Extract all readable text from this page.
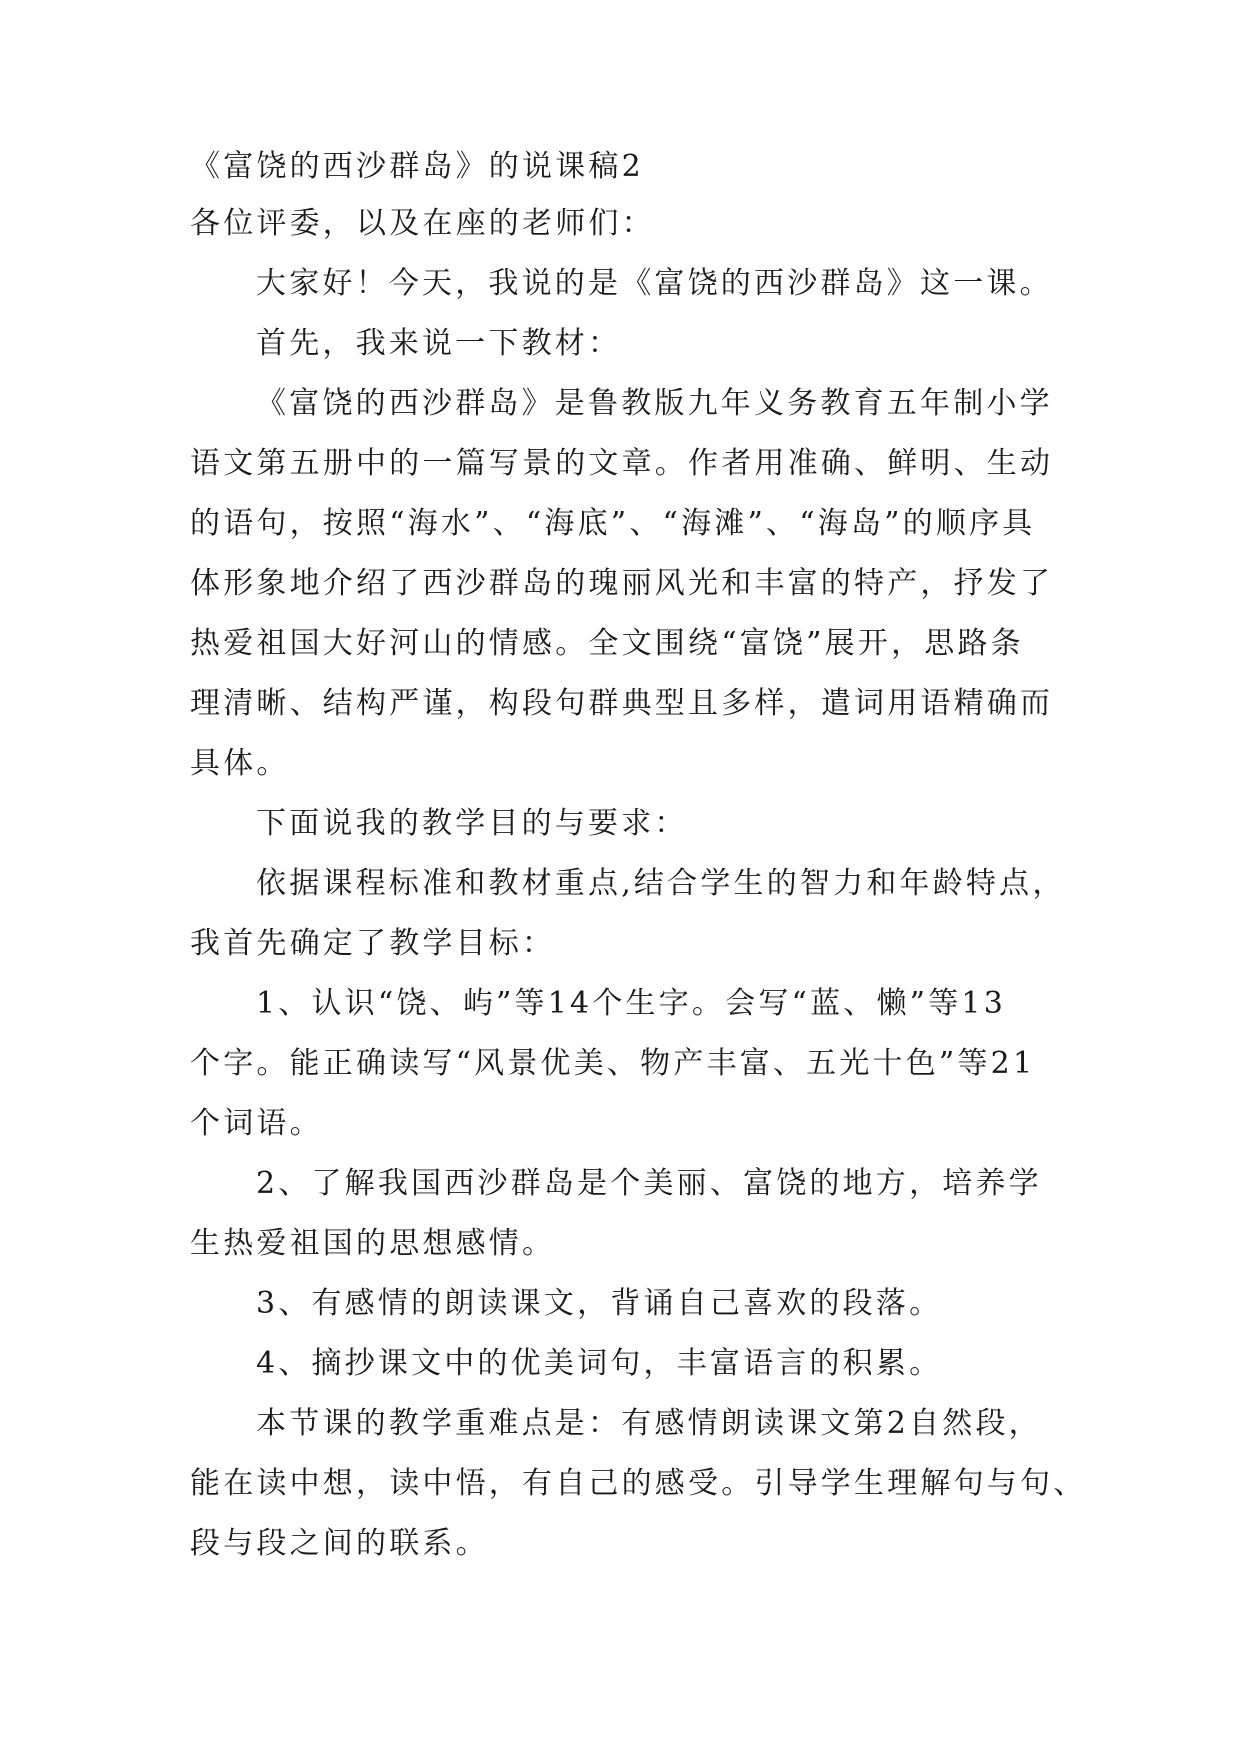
《富饶的西沙群岛》的说课稿2
各位评委，以及在座的老师们：
大家好！今天，我说的是《富饶的西沙群岛》这一课。
首先，我来说一下教材：
《富饶的西沙群岛》是鲁教版九年义务教育五年制小学
语文第五册中的一篇写景的文章。作者用准确、鲜明、生动
的语句，按照“海水”、“海底”、“海滩”、“海岛”的顺序具
体形象地介绍了西沙群岛的瑰丽风光和丰富的特产，抒发了
热爱祖国大好河山的情感。全文围绕“富饶”展开，思路条
理清晰、结构严谨，构段句群典型且多样，遣词用语精确而
具体。
下面说我的教学目的与要求：
依据课程标准和教材重点,结合学生的智力和年龄特点，
我首先确定了教学目标：
1、认识“饶、屿”等14个生字。会写“蓝、懒”等13
个字。能正确读写“风景优美、物产丰富、五光十色”等21
个词语。
2、了解我国西沙群岛是个美丽、富饶的地方，培养学
生热爱祖国的思想感情。
3、有感情的朗读课文，背诵自己喜欢的段落。
4、摘抄课文中的优美词句，丰富语言的积累。
本节课的教学重难点是：有感情朗读课文第2自然段，
能在读中想，读中悟，有自己的感受。引导学生理解句与句、
段与段之间的联系。
